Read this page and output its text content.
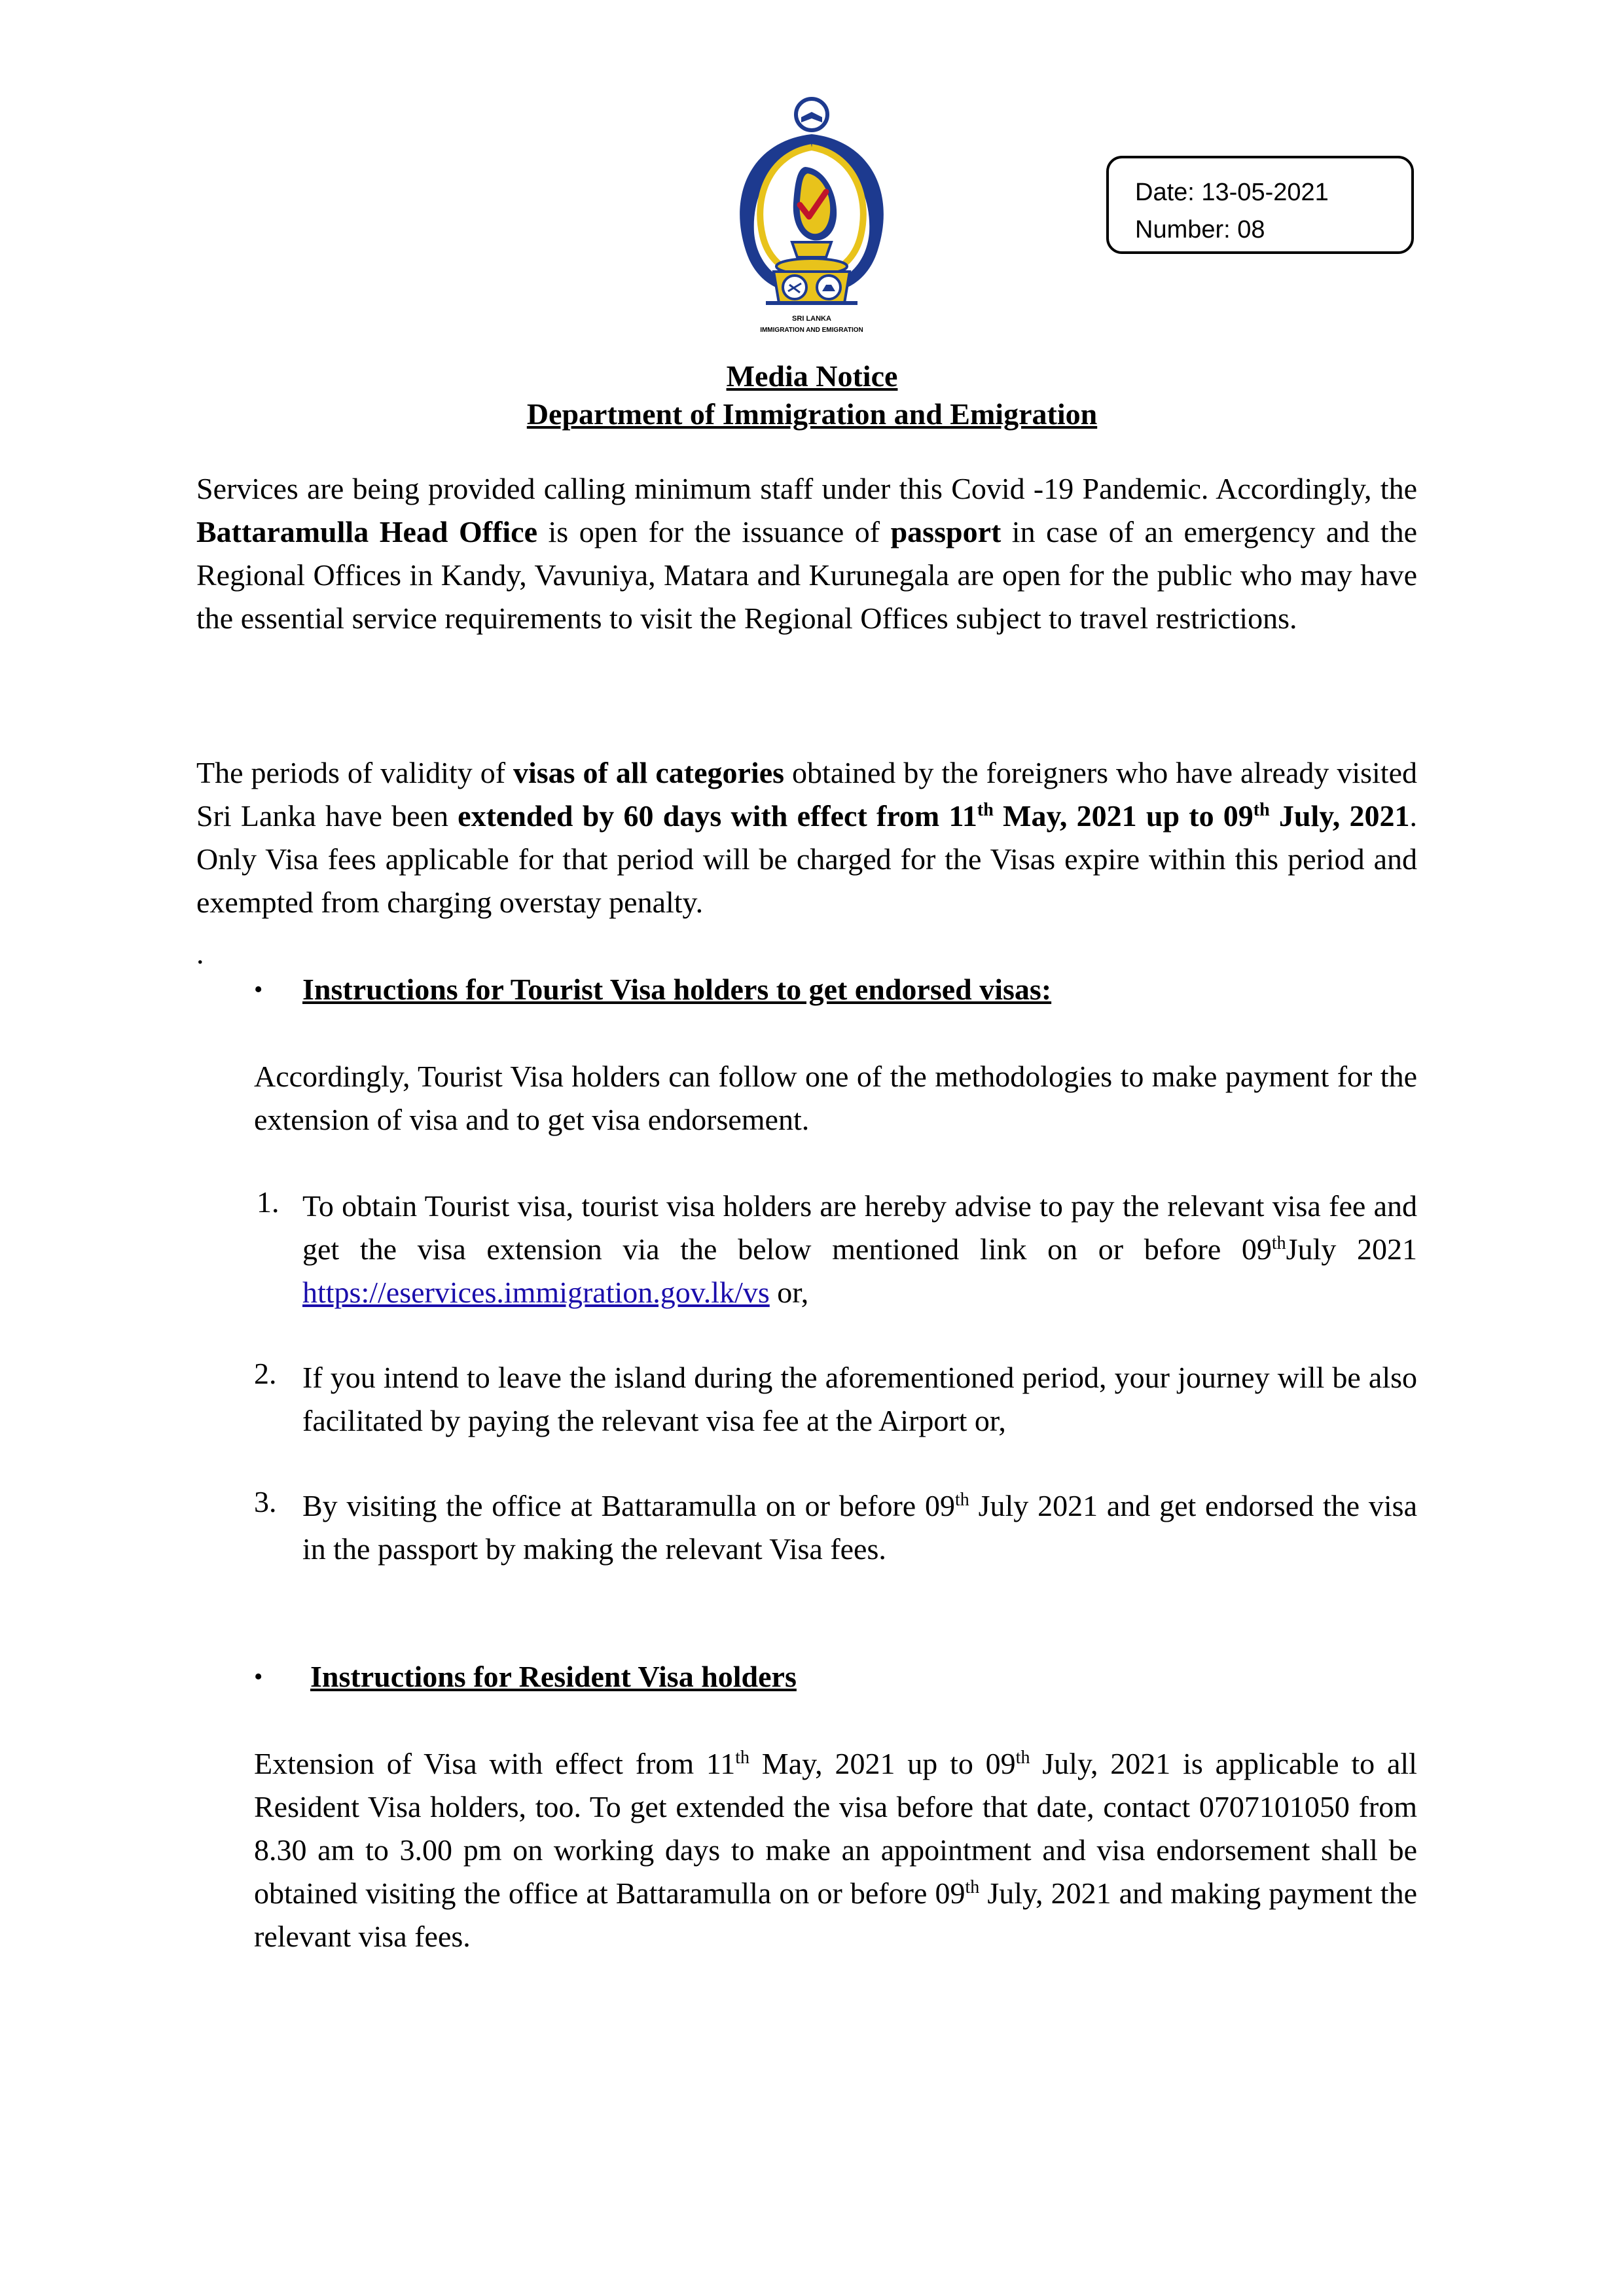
SRI LANKA
IMMIGRATION AND EMIGRATION
Date: 13-05-2021
Number: 08
Media Notice
Department of Immigration and Emigration
Services are being provided calling minimum staff under this Covid -19 Pandemic. Accordingly, the Battaramulla Head Office is open for the issuance of passport in case of an emergency and the Regional Offices in Kandy, Vavuniya, Matara and Kurunegala are open for the public who may have the essential service requirements to visit the Regional Offices subject to travel restrictions.
The periods of validity of visas of all categories obtained by the foreigners who have already visited Sri Lanka have been extended by 60 days with effect from 11th May, 2021 up to 09th July, 2021. Only Visa fees applicable for that period will be charged for the Visas expire within this period and exempted from charging overstay penalty.
.
• Instructions for Tourist Visa holders to get endorsed visas:
Accordingly, Tourist Visa holders can follow one of the methodologies to make payment for the extension of visa and to get visa endorsement.
1. To obtain Tourist visa, tourist visa holders are hereby advise to pay the relevant visa fee and get the visa extension via the below mentioned link on or before 09thJuly 2021 https://eservices.immigration.gov.lk/vs or,
2. If you intend to leave the island during the aforementioned period, your journey will be also facilitated by paying the relevant visa fee at the Airport or,
3. By visiting the office at Battaramulla on or before 09th July 2021 and get endorsed the visa in the passport by making the relevant Visa fees.
• Instructions for Resident Visa holders
Extension of Visa with effect from 11th May, 2021 up to 09th July, 2021 is applicable to all Resident Visa holders, too. To get extended the visa before that date, contact 0707101050 from 8.30 am to 3.00 pm on working days to make an appointment and visa endorsement shall be obtained visiting the office at Battaramulla on or before 09th July, 2021 and making payment the relevant visa fees.
